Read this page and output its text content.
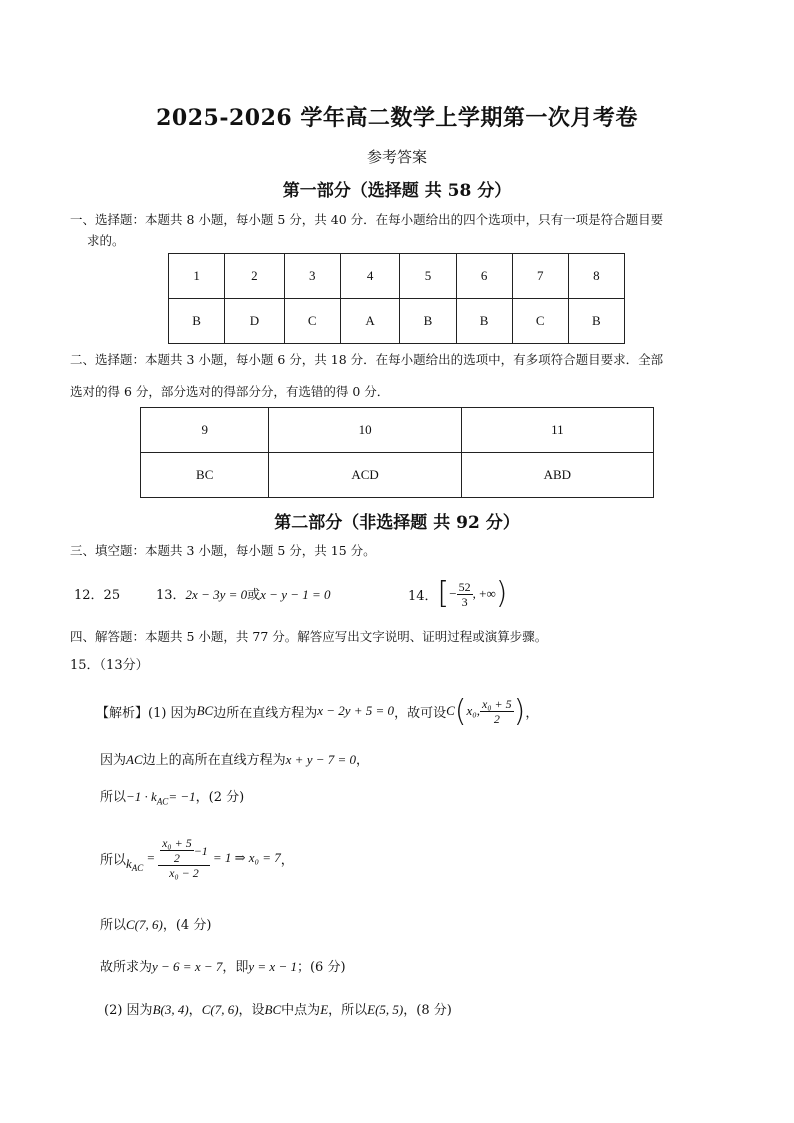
2025-2026 学年高二数学上学期第一次月考卷
参考答案
第一部分（选择题 共 58 分）
一、选择题：本题共 8 小题，每小题 5 分，共 40 分．在每小题给出的四个选项中，只有一项是符合题目要
求的。
1	2	3	4	5	6	7	8
B	D	C	A	B	B	C	B
二、选择题：本题共 3 小题，每小题 6 分，共 18 分．在每小题给出的选项中，有多项符合题目要求．全部
选对的得 6 分，部分选对的得部分分，有选错的得 0 分．
9	10	11
BC	ACD	ABD
第二部分（非选择题 共 92 分）
三、填空题：本题共 3 小题，每小题 5 分，共 15 分。
12．25	13．2x − 3y = 0或x − y − 1 = 0	14． [ − $\frac{52}{3}$ , +∞ )
四、解答题：本题共 5 小题，共 77 分。解答应写出文字说明、证明过程或演算步骤。
15．（13分）
【解析】(1) 因为 BC 边所在直线方程为 x − 2y + 5 = 0 ，故可设 C ( x₀, $\frac{\text{x₀ + 5}}{2}$ ) ，
因为AC边上的高所在直线方程为x + y − 7 = 0，
所以$-1 \cdot k_{AC}= -1$，(2 分)
所以 $k_{AC}$
= $\frac{\frac{\text{x₀ + 5}}{2} -1}{\text{x₀ − 2}} = 1$ ⇒ x₀ = 7 ，
所以C(7, 6)，(4 分)
故所求为y − 6 = x − 7，即y = x − 1；(6 分)
(2) 因为B(3, 4)，C(7, 6)，设BC中点为E，所以E(5, 5)，(8 分)
